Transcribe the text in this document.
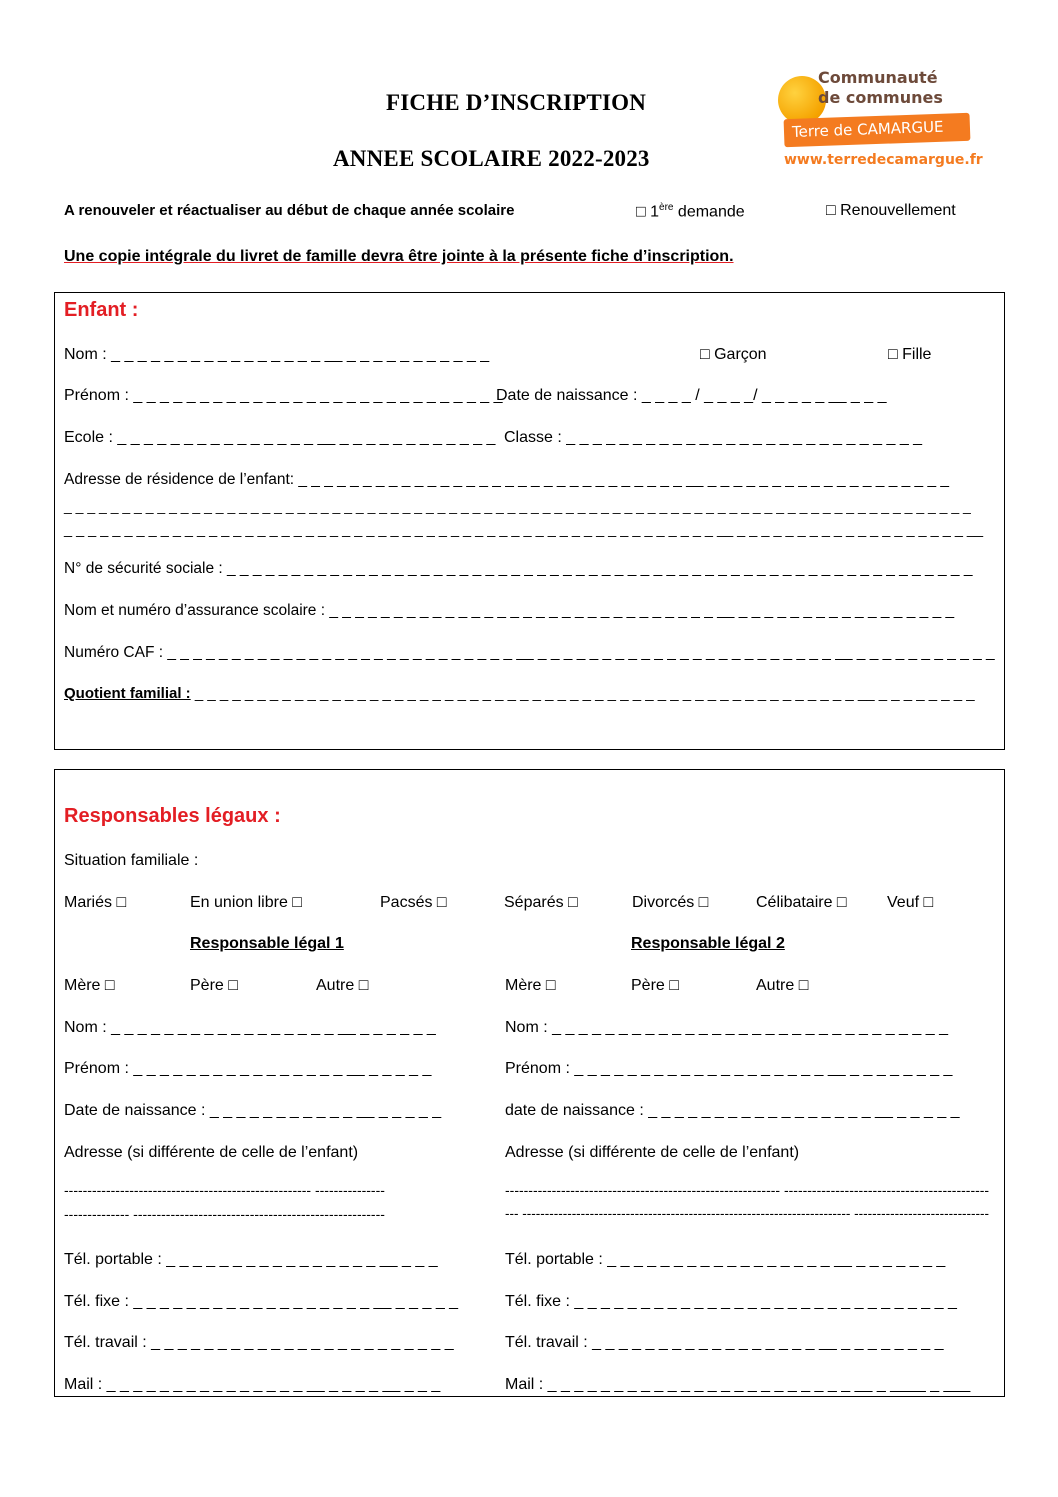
FICHE D’INSCRIPTION
ANNEE SCOLAIRE 2022-2023
Communauté
de communes
Terre de CAMARGUE
www.terredecamargue.fr
A renouveler et réactualiser au début de chaque année scolaire	□ 1ère demande	□ Renouvellement
Une copie intégrale du livret de famille devra être jointe à la présente fiche d’inscription.
Enfant :
Nom : _ _ _ _ _ _ _ _ _ _ _ _ _ _ _ _ __ _ _ _ _ _ _ _ _ _ _ _	□ Garçon	□ Fille
Prénom : _ _ _ _ _ _ _ _ _ _ _ _ _ _ _ _ _ _ _ _ _ _ _ _ _ _ _ _
Date de naissance : _ _ _ _ / _ _ _ _/ _ _ _ _ _ __ _ _ _
Ecole : _ _ _ _ _ _ _ _ _ _ _ _ _ _ _ __ _ _ _ _ _ _ _ _ _ _ _ _ Classe : _ _ _ _ _ _ _ _ _ _ _ _ _ _ _ _ _ _ _ _ _ _ _ _ _ _ _
Adresse de résidence de l’enfant: _ _ _ _ _ _ _ _ _ _ _ _ _ _ _ _ _ _ _ _ _ _ _ _ _ _ _ _ _ _ __ _ _ _ _ _ _ _ _ _ _ _ _ _ _ _ _ _ _ _
_ _ _ _ _ _ _ _ _ _ _ _ _ _ _ _ _ _ _ _ _ _ _ _ _ _ _ _ _ _ _ _ _ _ _ _ _ _ _ _ _ _ _ _ _ _ _ _ _ _ _ _ _ _ _ _ _ _ _ _ _ _ _ _ _ _ _ _ _ _ _ _ _ _ _ _ _ _
_ _ _ _ _ _ _ _ _ _ _ _ _ _ _ _ _ _ _ _ _ _ _ _ _ _ _ _ _ _ _ _ _ _ _ _ _ _ _ _ _ _ _ _ _ _ _ _ _ _ _ _ _ _ __ _ _ _ _ _ _ _ _ _ _ _ _ _ _ _ _ _ _ _ __
N° de sécurité sociale : _ _ _ _ _ _ _ _ _ _ _ _ _ _ _ _ _ _ _ _ _ _ _ _ _ _ _ _ _ _ _ _ _ _ _ _ _ _ _ _ _ _ _ _ _ _ _ _ _ _ _ _ _ _ _ _ _ _
Nom et numéro d’assurance scolaire : _ _ _ _ _ _ _ _ _ _ _ _ _ _ _ _ _ _ _ _ _ _ _ _ _ _ _ _ _ _ __ _ _ _ _ _ _ _ _ _ _ _ _ _ _ _ _ _
Numéro CAF : _ _ _ _ _ _ _ _ _ _ _ _ _ _ _ _ _ _ _ _ _ _ _ _ _ _ _ __ _ _ _ _ _ _ _ _ _ _ _ _ _ _ _ _ _ _ _ _ _ _ _ __ _ _ _ _ _ _ _ _ _ _ _
Quotient familial : _ _ _ _ _ _ _ _ _ _ _ _ _ _ _ _ _ _ _ _ _ _ _ _ _ _ _ _ _ _ _ _ _ _ _ _ _ _ _ _ _ _ _ _ _ _ _ _ _ _ _ _ _ __ _ _ _ _ _ _ _ _
Responsables légaux :
Situation familiale :
Mariés □	En union libre □	Pacsés □	Séparés □	Divorcés □	Célibataire □	Veuf □
Responsable légal 1	Responsable légal 2
Mère □	Père □	Autre □	Mère □	Père □	Autre □
Nom : _ _ _ _ _ _ _ _ _ _ _ _ _ _ _ _ _ __ _ _ _ _ _ _
Prénom : _ _ _ _ _ _ _ _ _ _ _ _ _ _ _ _ __ _ _ _ _ _
Date de naissance : _ _ _ _ _ _ _ _ _ _ _ __ _ _ _ _ _
Adresse (si différente de celle de l’enfant)
----------------------------------------------------- ---------------
-------------- ------------------------------------------------------
Tél. portable : _ _ _ _ _ _ _ _ _ _ _ _ _ _ _ _ __ _ _ _
Tél. fixe : _ _ _ _ _ _ _ _ _ _ _ _ _ _ _ _ _ _ __ _ _ _ _ _
Tél. travail : _ _ _ _ _ _ _ _ _ _ _ _ _ _ _ _ _ _ _ _ _ _ _
Mail : _ _ _ _ _ _ _ _ _ _ _ _ _ _ _ __ _ _ _ _ __ _ _ _
Nom : _ _ _ _ _ _ _ _ _ _ _ _ _ _ _ _ _ _ _ _ _ _ _ _ _ _ _ _ _ _
Prénom : _ _ _ _ _ _ _ _ _ _ _ _ _ _ _ _ _ _ _ __ _ _ _ _ _ _ _ _
date de naissance : _ _ _ _ _ _ _ _ _ _ _ _ _ _ _ _ _ __ _ _ _ _ _
Adresse (si différente de celle de l’enfant)
----------------------------------------------------------- --------------------------------------------
--- ------------------------------------------------------------------------- ------------------------------
Tél. portable : _ _ _ _ _ _ _ _ _ _ _ _ _ _ _ _ _ __ _ _ _ _ _ _ _
Tél. fixe : _ _ _ _ _ _ _ _ _ _ _ _ _ _ _ _ _ _ _ _ _ _ _ _ _ _ _ _ _
Tél. travail : _ _ _ _ _ _ _ _ _ _ _ _ _ _ _ _ _ __ _ _ _ _ _ _ _ _
Mail : _ _ _ _ _ _ _ _ _ _ _ _ _ _ _ _ _ _ _ _ _ _ _ __ _ ____ _ ___
